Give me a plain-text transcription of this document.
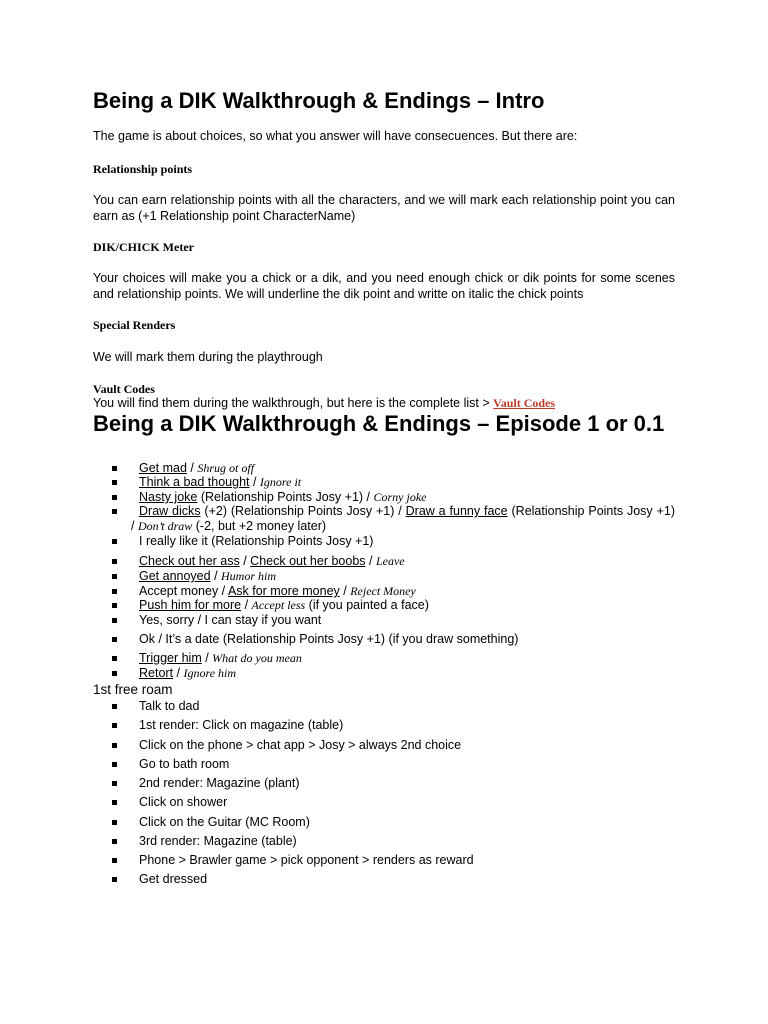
Being a DIK Walkthrough & Endings – Intro
The game is about choices, so what you answer will have consecuences. But there are:
Relationship points
You can earn relationship points with all the characters, and we will mark each relationship point you can earn as (+1 Relationship point CharacterName)
DIK/CHICK Meter
Your choices will make you a chick or a dik, and you need enough chick or dik points for some scenes and relationship points. We will underline the dik point and writte on italic the chick points
Special Renders
We will mark them during the playthrough
Vault Codes
You will find them during the walkthrough, but here is the complete list > Vault Codes
Being a DIK Walkthrough & Endings – Episode 1 or 0.1
Get mad / Shrug ot off
Think a bad thought / Ignore it
Nasty joke (Relationship Points Josy +1) / Corny joke
Draw dicks (+2) (Relationship Points Josy +1) / Draw a funny face (Relationship Points Josy +1) / Don’t draw (-2, but +2 money later)
I really like it (Relationship Points Josy +1)
Check out her ass / Check out her boobs / Leave
Get annoyed / Humor him
Accept money / Ask for more money / Reject Money
Push him for more / Accept less (if you painted a face)
Yes, sorry / I can stay if you want
Ok / It’s a date (Relationship Points Josy +1) (if you draw something)
Trigger him / What do you mean
Retort / Ignore him
1st free roam
Talk to dad
1st render: Click on magazine (table)
Click on the phone > chat app > Josy > always 2nd choice
Go to bath room
2nd render: Magazine (plant)
Click on shower
Click on the Guitar (MC Room)
3rd render: Magazine (table)
Phone > Brawler game > pick opponent > renders as reward
Get dressed
